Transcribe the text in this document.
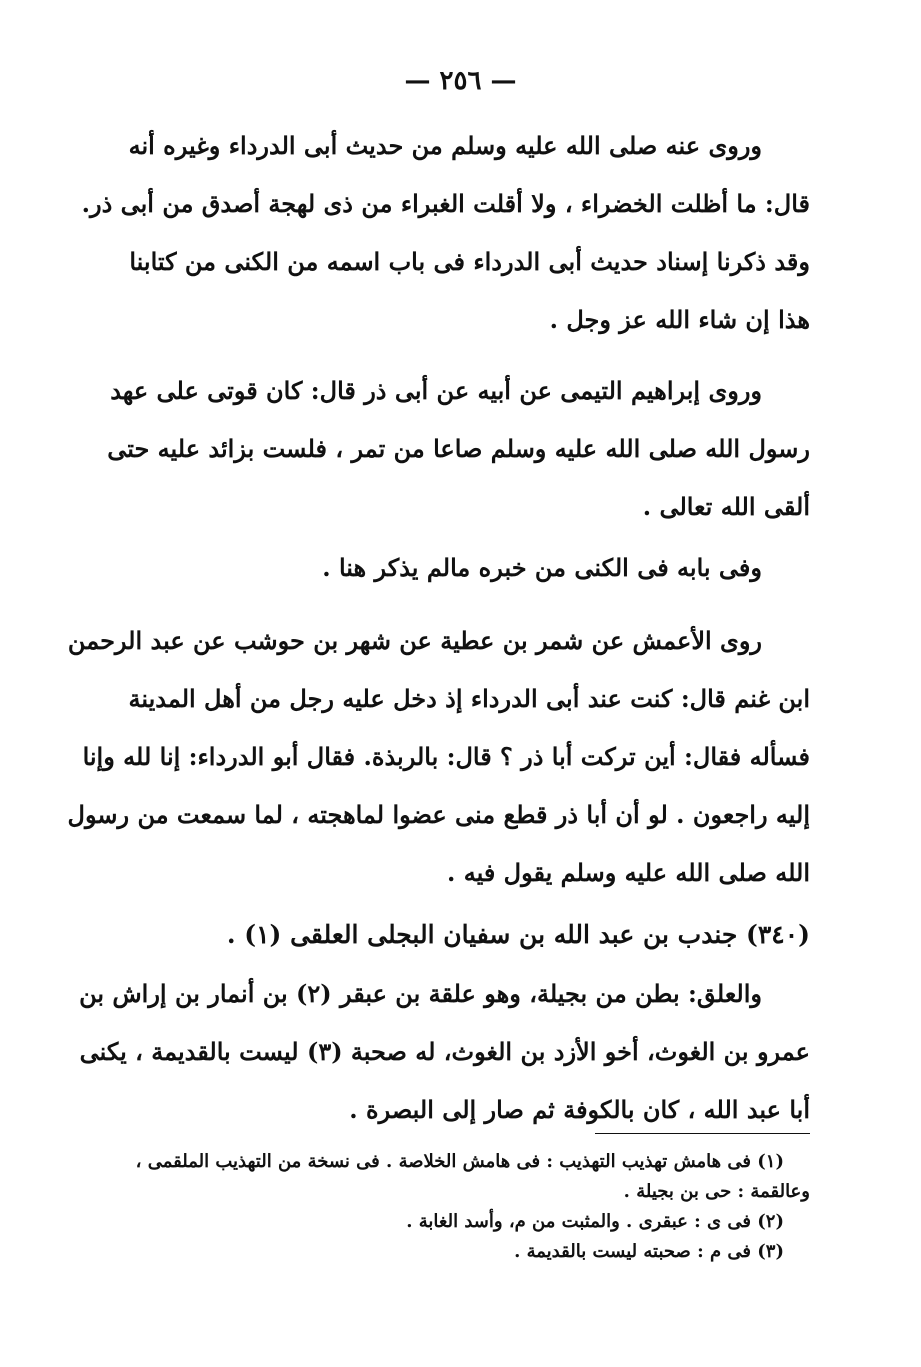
— ٢٥٦ —
وروى عنه صلى الله عليه وسلم من حديث أبى الدرداء وغيره أنه
قال: ما أظلت الخضراء ، ولا أقلت الغبراء من ذى لهجة أصدق من أبى ذر.
وقد ذكرنا إسناد حديث أبى الدرداء فى باب اسمه من الكنى من كتابنا
هذا إن شاء الله عز وجل .
وروى إبراهيم التيمى عن أبيه عن أبى ذر قال: كان قوتى على عهد
رسول الله صلى الله عليه وسلم صاعا من تمر ، فلست بزائد عليه حتى
ألقى الله تعالى .
وفى بابه فى الكنى من خبره مالم يذكر هنا .
روى الأعمش عن شمر بن عطية عن شهر بن حوشب عن عبد الرحمن
ابن غنم قال: كنت عند أبى الدرداء إذ دخل عليه رجل من أهل المدينة
فسأله فقال: أين تركت أبا ذر ؟ قال: بالربذة. فقال أبو الدرداء: إنا لله وإنا
إليه راجعون . لو أن أبا ذر قطع منى عضوا لماهجته ، لما سمعت من رسول
الله صلى الله عليه وسلم يقول فيه .
(٣٤٠) جندب بن عبد الله بن سفيان البجلى العلقى (١) .
والعلق: بطن من بجيلة، وهو علقة بن عبقر (٢) بن أنمار بن إراش بن
عمرو بن الغوث، أخو الأزد بن الغوث، له صحبة (٣) ليست بالقديمة ، يكنى
أبا عبد الله ، كان بالكوفة ثم صار إلى البصرة .
(١) فى هامش تهذيب التهذيب : فى هامش الخلاصة . فى نسخة من التهذيب الملقمى ،
وعالقمة : حى بن بجيلة .
(٢) فى ى : عبقرى . والمثبت من م، وأسد الغابة .
(٣) فى م : صحبته ليست بالقديمة .
